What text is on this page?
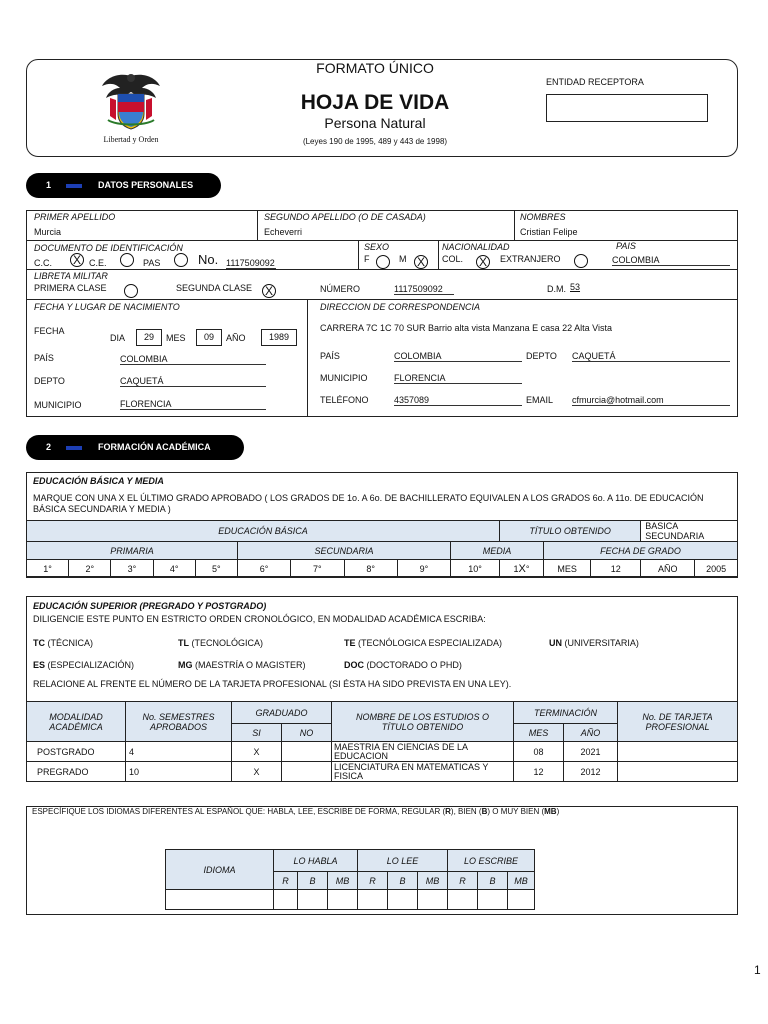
Libertad y Orden
FORMATO ÚNICO
HOJA DE VIDA
Persona Natural
(Leyes 190 de 1995, 489 y 443 de 1998)
ENTIDAD RECEPTORA
1	DATOS PERSONALES
PRIMER APELLIDO
Murcia
SEGUNDO APELLIDO (O DE CASADA)
Echeverri
NOMBRES
Cristian Felipe
DOCUMENTO DE IDENTIFICACIÓN
C.C. X C.E.	PAS	No. 1117509092
SEXO
F	M X
NACIONALIDAD
COL. X	EXTRANJERO
PAIS
COLOMBIA
LIBRETA MILITAR
PRIMERA CLASE	SEGUNDA CLASE X	NÚMERO	1117509092	D.M. 53
FECHA Y LUGAR DE NACIMIENTO
FECHA
DIA	29	MES	09	AÑO	1989
PAÍS	COLOMBIA
DEPTO	CAQUETÁ
MUNICIPIO	FLORENCIA
DIRECCION DE CORRESPONDENCIA
CARRERA 7C 1C 70 SUR Barrio alta vista Manzana E casa 22 Alta Vista
PAÍS	COLOMBIA	DEPTO CAQUETÁ
MUNICIPIO	FLORENCIA
TELÉFONO	4357089	EMAIL cfmurcia@hotmail.com
2	FORMACIÓN ACADÉMICA
EDUCACIÓN BÁSICA Y MEDIA
MARQUE CON UNA X EL ÚLTIMO GRADO APROBADO ( LOS GRADOS DE 1o. A 6o. DE BACHILLERATO EQUIVALEN A LOS GRADOS 6o. A 11o. DE EDUCACIÓN BÁSICA SECUNDARIA Y MEDIA )
EDUCACIÓN BÁSICA										TÍTULO OBTENIDO			BASICA SECUNDARIA	
PRIMARIA					SECUNDARIA				MEDIA		FECHA DE GRADO			
1°	2°	3°	4°	5°	6°	7°	8°	9°	10°	1X°	MES	12	AÑO	2005
EDUCACIÓN SUPERIOR (PREGRADO Y POSTGRADO)
DILIGENCIE ESTE PUNTO EN ESTRICTO ORDEN CRONOLÓGICO, EN MODALIDAD ACADÉMICA ESCRIBA:
TC (TÉCNICA)	TL (TECNOLÓGICA)	TE (TECNÓLOGICA ESPECIALIZADA)	UN (UNIVERSITARIA)
ES (ESPECIALIZACIÓN)	MG (MAESTRÍA O MAGISTER)	DOC (DOCTORADO O PHD)
RELACIONE AL FRENTE EL NÚMERO DE LA TARJETA PROFESIONAL (SI ÉSTA HA SIDO PREVISTA EN UNA LEY).
MODALIDAD ACADÉMICA	No. SEMESTRES APROBADOS	GRADUADO		NOMBRE DE LOS ESTUDIOS O TÍTULO OBTENIDO	TERMINACIÓN		No. DE TARJETA PROFESIONAL
		SI	NO		MES	AÑO	
POSTGRADO	4	X		MAESTRIA EN CIENCIAS DE LA EDUCACION	08	2021	
PREGRADO	10	X		LICENCIATURA EN MATEMATICAS Y FISICA	12	2012	
ESPECÍFIQUE LOS IDIOMAS DIFERENTES AL ESPAÑOL QUE: HABLA, LEE, ESCRIBE DE FORMA, REGULAR (R), BIEN (B) O MUY BIEN (MB)
IDIOMA	LO HABLA			LO LEE			LO ESCRIBE		
	R	B	MB	R	B	MB	R	B	MB

1
